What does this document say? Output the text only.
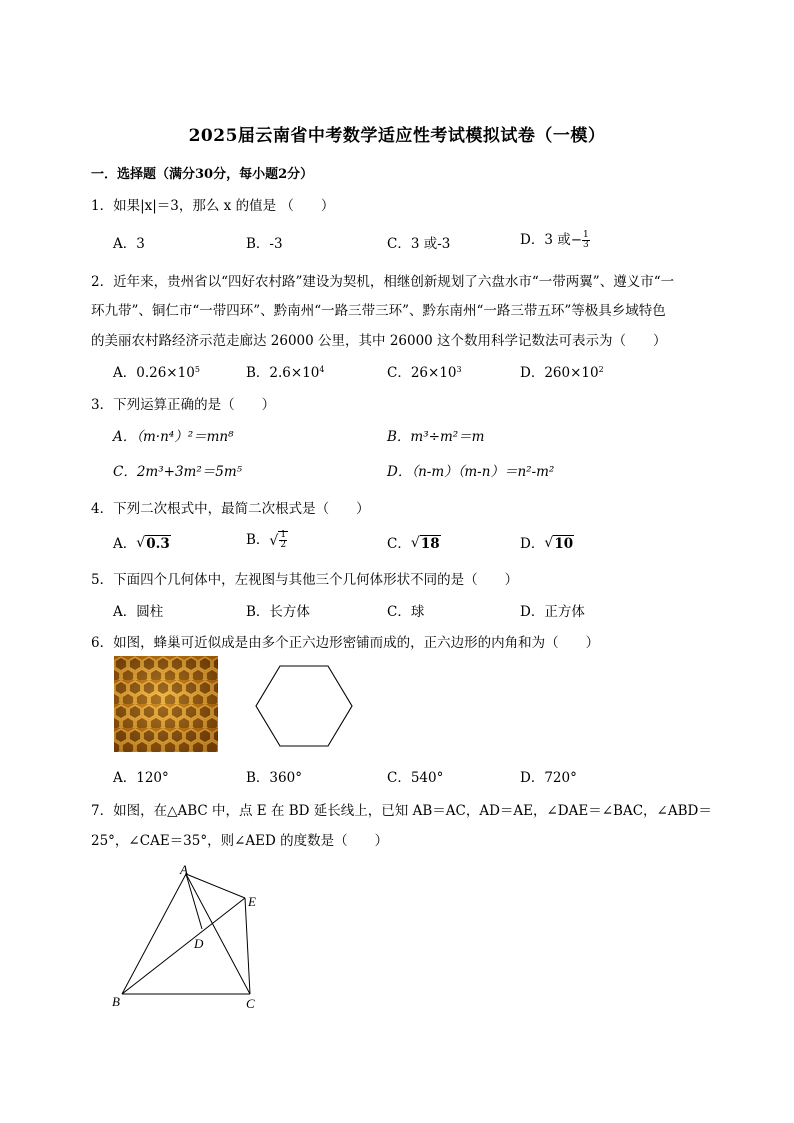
2025届云南省中考数学适应性考试模拟试卷（一模）
一．选择题（满分30分，每小题2分）
1．如果|x|＝3，那么 x 的值是 （　　）
A．3	B．-3	C．3 或-3	D．3 或− $\frac{1}{3}$
2．近年来，贵州省以“四好农村路”建设为契机，相继创新规划了六盘水市“一带两翼”、遵义市“一
环九带”、铜仁市“一带四环”、黔南州“一路三带三环”、黔东南州“一路三带五环”等极具乡域特色
的美丽农村路经济示范走廊达 26000 公里，其中 26000 这个数用科学记数法可表示为（　　）
A．$0.26\times 10^5$	B．$2.6\times 10^4$	C．$26\times 10^3$	D．$260\times 10^2$
3．下列运算正确的是（　　）
A．（m·n⁴）²＝mn⁸	B．m³÷m²＝m
C．2m³+3m²＝5m⁵	D．（n-m）（m-n）＝n²-m²
4．下列二次根式中，最简二次根式是（　　）
A． √ 0.3	B． √ $\frac{1}{2}$	C． √ 18	D． √ 10
5．下面四个几何体中，左视图与其他三个几何体形状不同的是（　　）
A．圆柱	B．长方体	C．球	D．正方体
6．如图，蜂巢可近似成是由多个正六边形密铺而成的，正六边形的内角和为（　　）
A．120°	B．360°	C．540°	D．720°
7．如图，在△ABC 中，点 E 在 BD 延长线上，已知 AB＝AC，AD＝AE，∠DAE＝∠BAC，∠ABD＝
25°，∠CAE＝35°，则∠AED 的度数是（　　）
A
B	C
D
E
